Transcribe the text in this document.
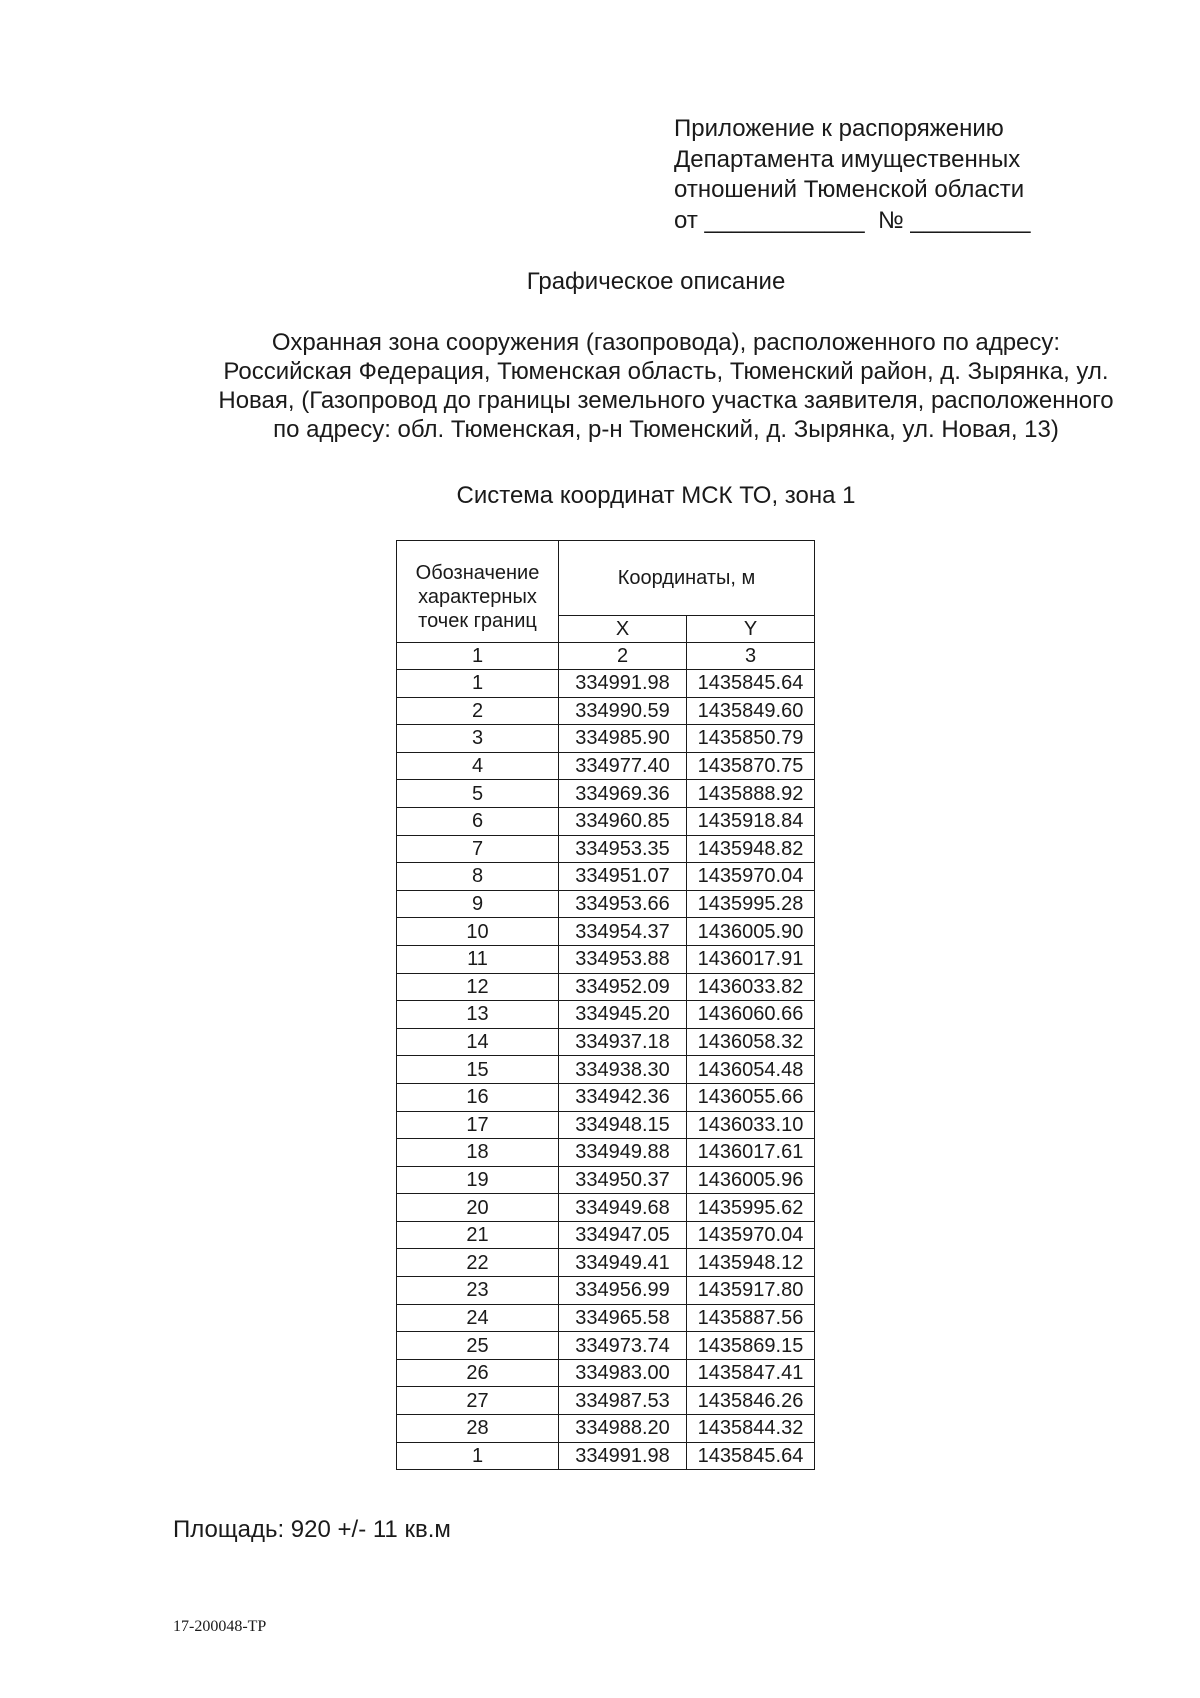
Приложение к распоряжению
Департамента имущественных
отношений Тюменской области
от ____________  № _________
Графическое описание
Охранная зона сооружения (газопровода), расположенного по адресу:
Российская Федерация, Тюменская область, Тюменский район, д. Зырянка, ул.
Новая, (Газопровод до границы земельного участка заявителя, расположенного
по адресу: обл. Тюменская, р-н Тюменский, д. Зырянка, ул. Новая, 13)
Система координат МСК ТО, зона 1
Обозначение характерных точек границ	Координаты, м	
	X	Y
1	2	3
1	334991.98	1435845.64
2	334990.59	1435849.60
3	334985.90	1435850.79
4	334977.40	1435870.75
5	334969.36	1435888.92
6	334960.85	1435918.84
7	334953.35	1435948.82
8	334951.07	1435970.04
9	334953.66	1435995.28
10	334954.37	1436005.90
11	334953.88	1436017.91
12	334952.09	1436033.82
13	334945.20	1436060.66
14	334937.18	1436058.32
15	334938.30	1436054.48
16	334942.36	1436055.66
17	334948.15	1436033.10
18	334949.88	1436017.61
19	334950.37	1436005.96
20	334949.68	1435995.62
21	334947.05	1435970.04
22	334949.41	1435948.12
23	334956.99	1435917.80
24	334965.58	1435887.56
25	334973.74	1435869.15
26	334983.00	1435847.41
27	334987.53	1435846.26
28	334988.20	1435844.32
1	334991.98	1435845.64
Площадь: 920 +/- 11 кв.м
17-200048-ТР
